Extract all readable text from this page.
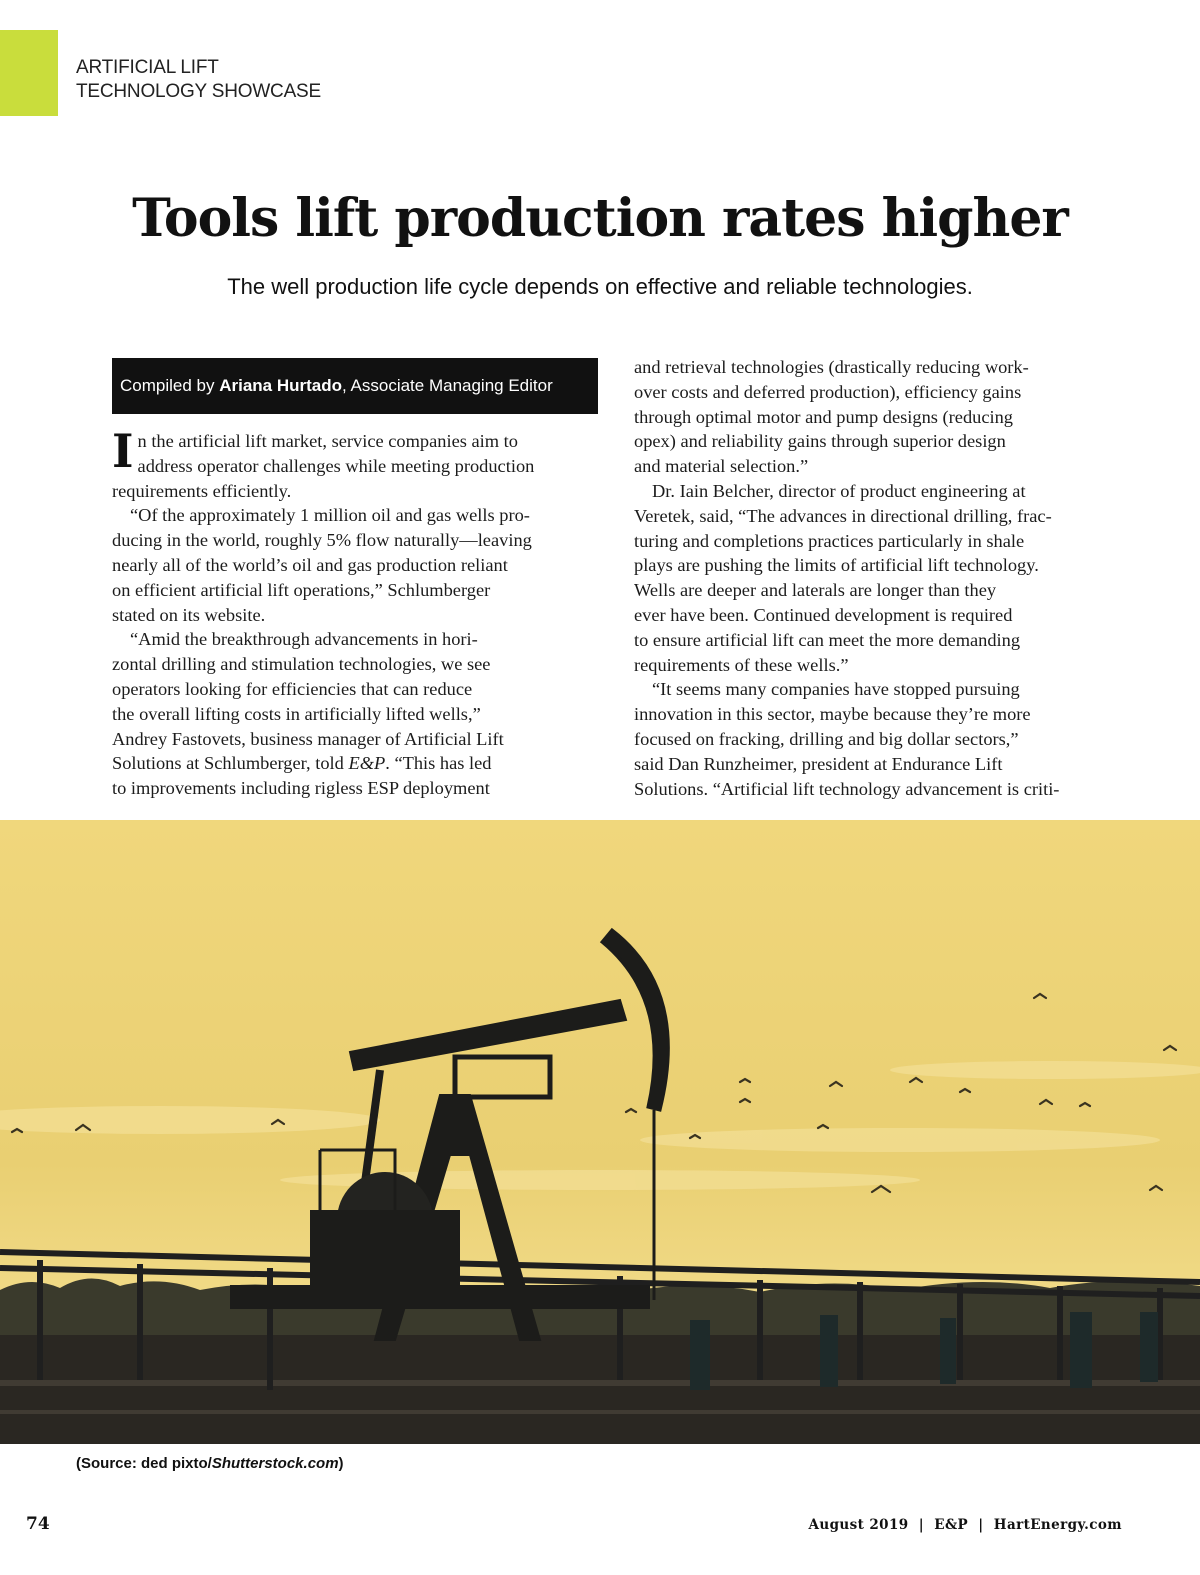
ARTIFICIAL LIFT
TECHNOLOGY SHOWCASE
Tools lift production rates higher
The well production life cycle depends on effective and reliable technologies.
Compiled by Ariana Hurtado , Associate Managing Editor
I n the artificial lift market, service companies aim to

address operator challenges while meeting production

requirements efficiently.

“Of the approximately 1 million oil and gas wells pro-

ducing in the world, roughly 5% flow naturally—leaving

nearly all of the world’s oil and gas production reliant

on efficient artificial lift operations,” Schlumberger

stated on its website.

“Amid the breakthrough advancements in hori-

zontal drilling and stimulation technologies, we see

operators looking for efficiencies that can reduce

the overall lifting costs in artificially lifted wells,”

Andrey Fastovets, business manager of Artificial Lift

Solutions at Schlumberger, told E&P. “This has led

to improvements including rigless ESP deployment

and retrieval technologies (drastically reducing work-

over costs and deferred production), efficiency gains

through optimal motor and pump designs (reducing

opex) and reliability gains through superior design

and material selection.”

Dr. Iain Belcher, director of product engineering at

Veretek, said, “The advances in directional drilling, frac-

turing and completions practices particularly in shale

plays are pushing the limits of artificial lift technology.

Wells are deeper and laterals are longer than they

ever have been. Continued development is required

to ensure artificial lift can meet the more demanding

requirements of these wells.”

“It seems many companies have stopped pursuing

innovation in this sector, maybe because they’re more

focused on fracking, drilling and big dollar sectors,”

said Dan Runzheimer, president at Endurance Lift

Solutions. “Artificial lift technology advancement is criti-

(Source: ded pixto/Shutterstock.com)
74	August 2019  |  E&P  |  HartEnergy.com
